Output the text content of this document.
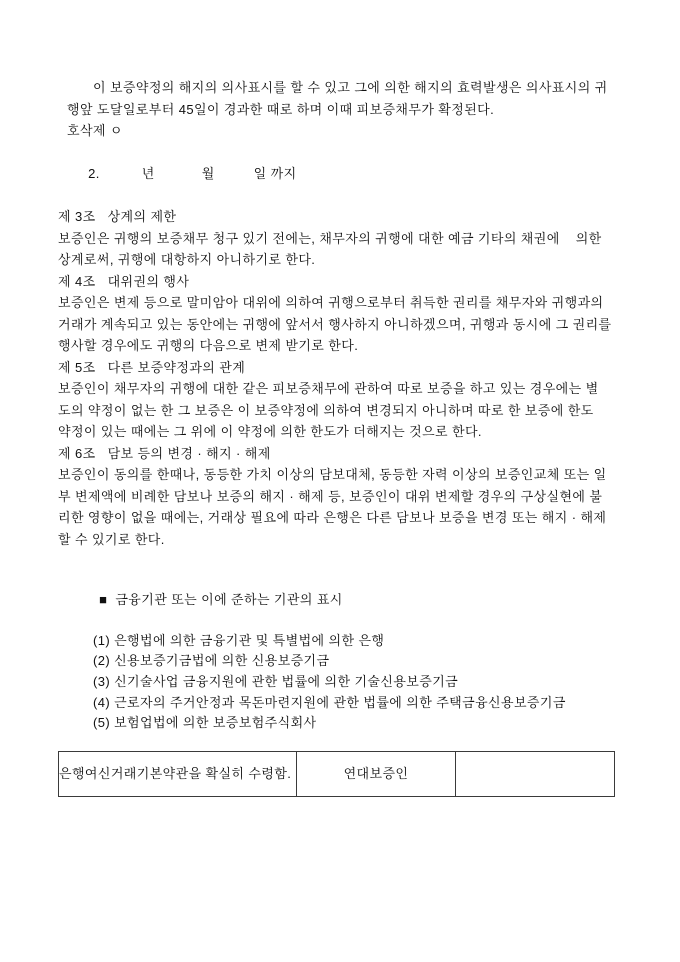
이 보증약정의 해지의 의사표시를 할 수 있고 그에 의한 해지의 효력발생은 의사표시의 귀
행앞 도달일로부터 45일이 경과한 때로 하며 이때 피보증채무가 확정된다.
호삭제 ㅇ

2.	년	월	일 까지

제 3조   상계의 제한
보증인은 귀행의 보증채무 청구 있기 전에는, 채무자의 귀행에 대한 예금 기타의 채권에    의한
상계로써, 귀행에 대항하지 아니하기로 한다.
제 4조   대위권의 행사
보증인은 변제 등으로 말미암아 대위에 의하여 귀행으로부터 취득한 권리를 채무자와 귀행과의
거래가 계속되고 있는 동안에는 귀행에 앞서서 행사하지 아니하겠으며, 귀행과 동시에 그 권리를
행사할 경우에도 귀행의 다음으로 변제 받기로 한다.
제 5조   다른 보증약정과의 관계
보증인이 채무자의 귀행에 대한 같은 피보증채무에 관하여 따로 보증을 하고 있는 경우에는 별
도의 약정이 없는 한 그 보증은 이 보증약정에 의하여 변경되지 아니하며 따로 한 보증에 한도
약정이 있는 때에는 그 위에 이 약정에 의한 한도가 더해지는 것으로 한다.
제 6조   담보 등의 변경 · 해지 · 해제
보증인이 동의를 한때나, 동등한 가치 이상의 담보대체, 동등한 자력 이상의 보증인교체 또는 일
부 변제액에 비례한 담보나 보증의 해지 · 해제 등, 보증인이 대위 변제할 경우의 구상실현에 불
리한 영향이 없을 때에는, 거래상 필요에 따라 은행은 다른 담보나 보증을 변경 또는 해지 · 해제
할 수 있기로 한다.

■ 금융기관 또는 이에 준하는 기관의 표시

(1) 은행법에 의한 금융기관 및 특별법에 의한 은행
(2) 신용보증기금법에 의한 신용보증기금
(3) 신기술사업 금융지원에 관한 법률에 의한 기술신용보증기금
(4) 근로자의 주거안정과 목돈마련지원에 관한 법률에 의한 주택금융신용보증기금
(5) 보험업법에 의한 보증보험주식회사
은행여신거래기본약관을 확실히 수령함.	연대보증인	
